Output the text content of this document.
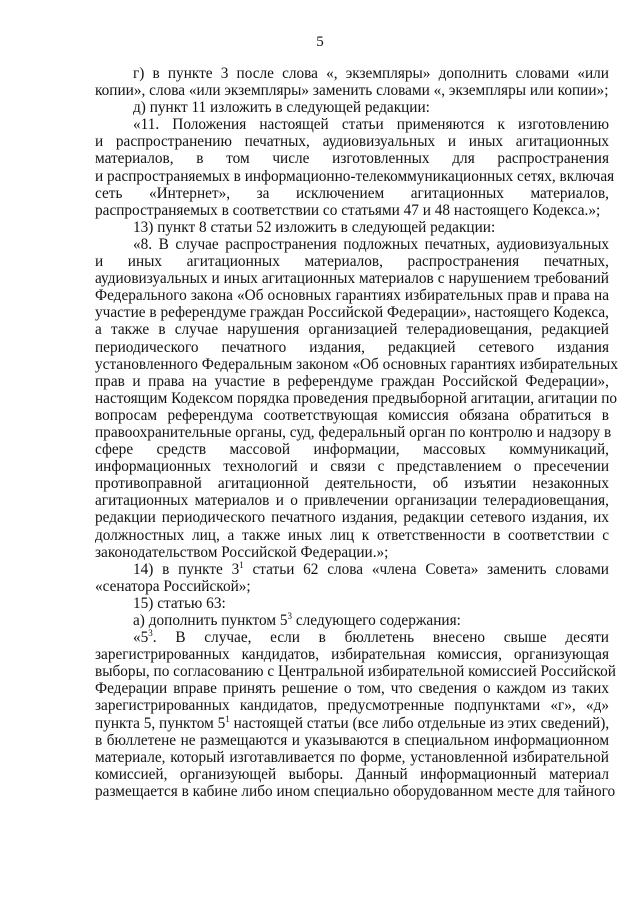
5
г) в пункте 3 после слова «, экземпляры» дополнить словами «или
копии», слова «или экземпляры» заменить словами «, экземпляры или копии»;
д) пункт 11 изложить в следующей редакции:
«11. Положения настоящей статьи применяются к изготовлению
и распространению печатных, аудиовизуальных и иных агитационных
материалов, в том числе изготовленных для распространения
и распространяемых в информационно-телекоммуникационных сетях, включая
сеть «Интернет», за исключением агитационных материалов,
распространяемых в соответствии со статьями 47 и 48 настоящего Кодекса.»;
13) пункт 8 статьи 52 изложить в следующей редакции:
«8. В случае распространения подложных печатных, аудиовизуальных
и иных агитационных материалов, распространения печатных,
аудиовизуальных и иных агитационных материалов с нарушением требований
Федерального закона «Об основных гарантиях избирательных прав и права на
участие в референдуме граждан Российской Федерации», настоящего Кодекса,
а также в случае нарушения организацией телерадиовещания, редакцией
периодического печатного издания, редакцией сетевого издания
установленного Федеральным законом «Об основных гарантиях избирательных
прав и права на участие в референдуме граждан Российской Федерации»,
настоящим Кодексом порядка проведения предвыборной агитации, агитации по
вопросам референдума соответствующая комиссия обязана обратиться в
правоохранительные органы, суд, федеральный орган по контролю и надзору в
сфере средств массовой информации, массовых коммуникаций,
информационных технологий и связи с представлением о пресечении
противоправной агитационной деятельности, об изъятии незаконных
агитационных материалов и о привлечении организации телерадиовещания,
редакции периодического печатного издания, редакции сетевого издания, их
должностных лиц, а также иных лиц к ответственности в соответствии с
законодательством Российской Федерации.»;
14) в пункте $3^1$ статьи 62 слова «члена Совета» заменить словами
«сенатора Российской»;
15) статью 63:
а) дополнить пунктом $5^3$ следующего содержания:
«$5^3$. В случае, если в бюллетень внесено свыше десяти
зарегистрированных кандидатов, избирательная комиссия, организующая
выборы, по согласованию с Центральной избирательной комиссией Российской
Федерации вправе принять решение о том, что сведения о каждом из таких
зарегистрированных кандидатов, предусмотренные подпунктами «г», «д»
пункта 5, пунктом $5^1$ настоящей статьи (все либо отдельные из этих сведений),
в бюллетене не размещаются и указываются в специальном информационном
материале, который изготавливается по форме, установленной избирательной
комиссией, организующей выборы. Данный информационный материал
размещается в кабине либо ином специально оборудованном месте для тайного
